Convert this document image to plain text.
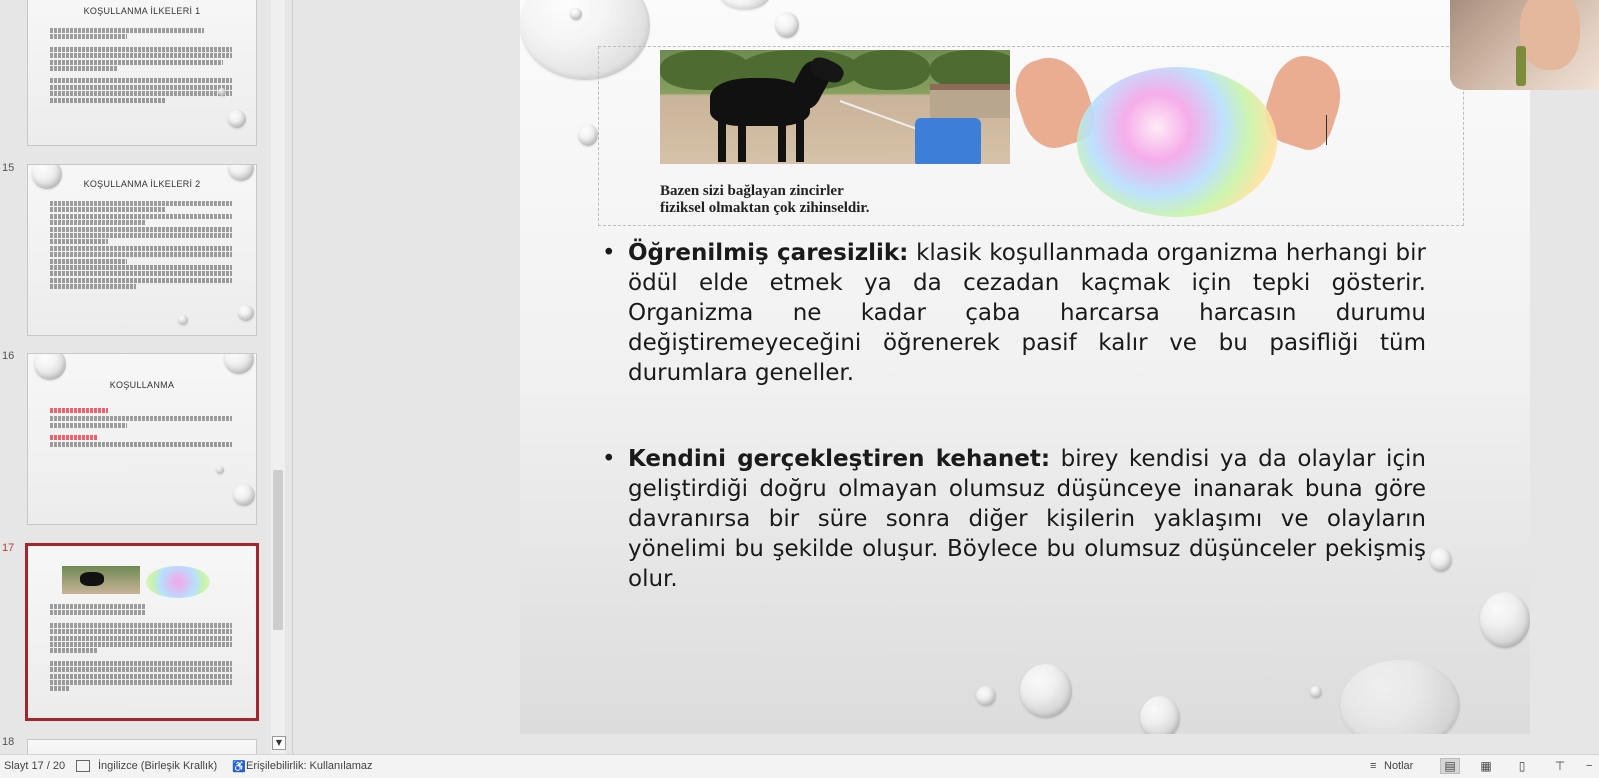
KOŞULLANMA İLKELERİ 1
15
KOŞULLANMA İLKELERİ 2
16
KOŞULLANMA
17
18	▼
Bazen sizi bağlayan zincirler
fiziksel olmaktan çok zihinseldir.
• Öğrenilmiş çaresizlik: klasik koşullanmada organizma herhangi bir ödül elde etmek ya da cezadan kaçmak için tepki gösterir. Organizma ne kadar çaba harcarsa harcasın durumu değiştiremeyeceğini öğrenerek pasif kalır ve bu pasifliği tüm durumlara geneller.
• Kendini gerçekleştiren kehanet: birey kendisi ya da olaylar için geliştirdiği doğru olmayan olumsuz düşünceye inanarak buna göre davranırsa bir süre sonra diğer kişilerin yaklaşımı ve olayların yönelimi bu şekilde oluşur. Böylece bu olumsuz düşünceler pekişmiş olur.
Slayt 17 / 20	İngilizce (Birleşik Krallık) ♿ Erişilebilirlik: Kullanılamaz	≡ Notlar	▤	▦	▯	⊤	−
